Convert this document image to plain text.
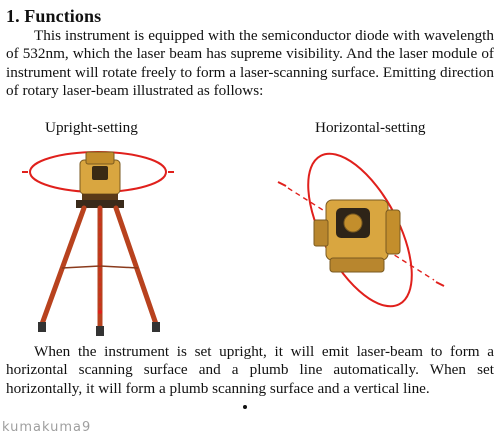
1. Functions
This instrument is equipped with the semiconductor diode with wavelength of 532nm, which the laser beam has supreme visibility. And the laser module of instrument will rotate freely to form a laser-scanning surface. Emitting direction of rotary laser-beam illustrated as follows:
Upright-setting	Horizontal-setting
When the instrument is set upright, it will emit laser-beam to form a horizontal scanning surface and a plumb line automatically. When set horizontally, it will form a plumb scanning surface and a vertical line.
kumakuma9
